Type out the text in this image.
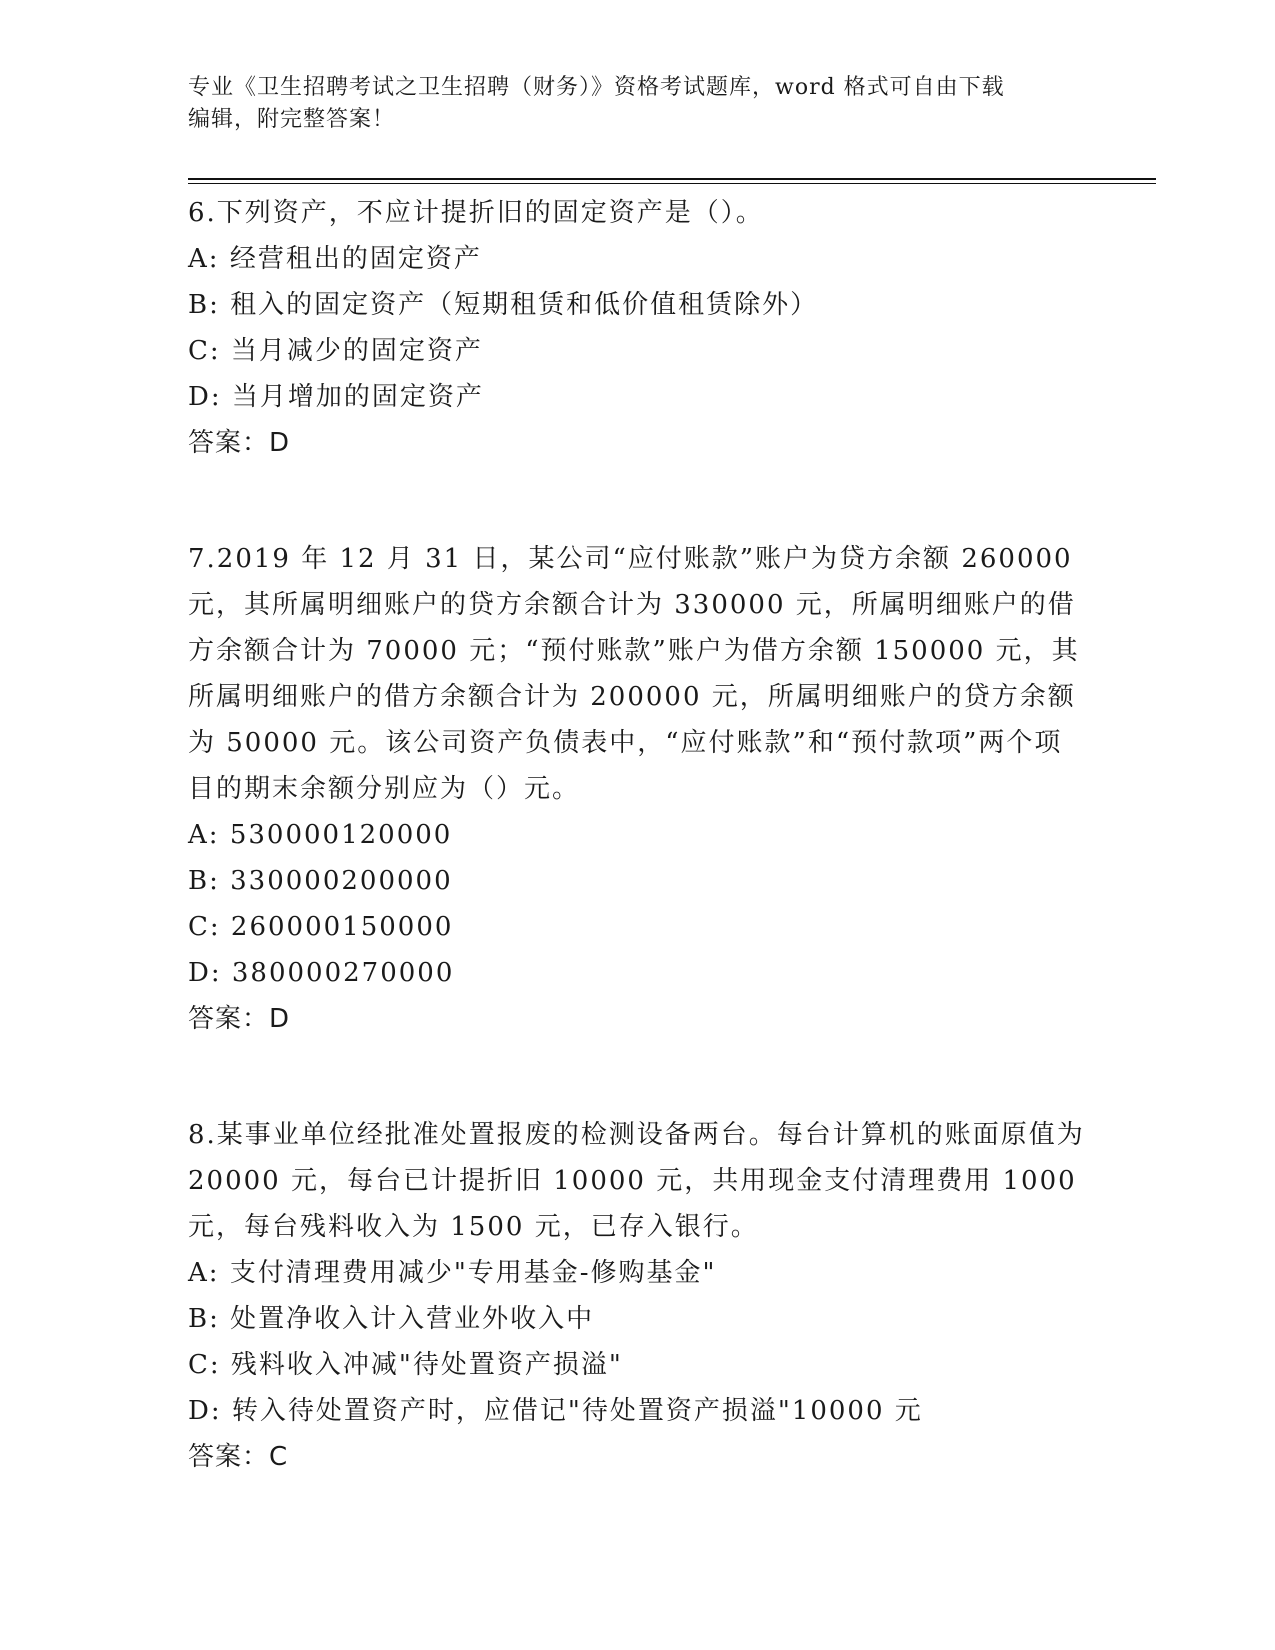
专业《卫生招聘考试之卫生招聘（财务）》资格考试题库，word 格式可自由下载
编辑，附完整答案！
6.下列资产，不应计提折旧的固定资产是（）。
A: 经营租出的固定资产
B: 租入的固定资产（短期租赁和低价值租赁除外）
C: 当月减少的固定资产
D: 当月增加的固定资产
答案：D
7.2019 年 12 月 31 日，某公司“应付账款”账户为贷方余额 260000 元，其所属明细账户的贷方余额合计为 330000 元，所属明细账户的借方余额合计为 70000 元；“预付账款”账户为借方余额 150000 元，其所属明细账户的借方余额合计为 200000 元，所属明细账户的贷方余额为 50000 元。该公司资产负债表中，“应付账款”和“预付款项”两个项目的期末余额分别应为（）元。
A: 530000120000
B: 330000200000
C: 260000150000
D: 380000270000
答案：D
8.某事业单位经批准处置报废的检测设备两台。每台计算机的账面原值为 20000 元，每台已计提折旧 10000 元，共用现金支付清理费用 1000 元，每台残料收入为 1500 元，已存入银行。
A: 支付清理费用减少"专用基金-修购基金"
B: 处置净收入计入营业外收入中
C: 残料收入冲减"待处置资产损溢"
D: 转入待处置资产时，应借记"待处置资产损溢"10000 元
答案：C
